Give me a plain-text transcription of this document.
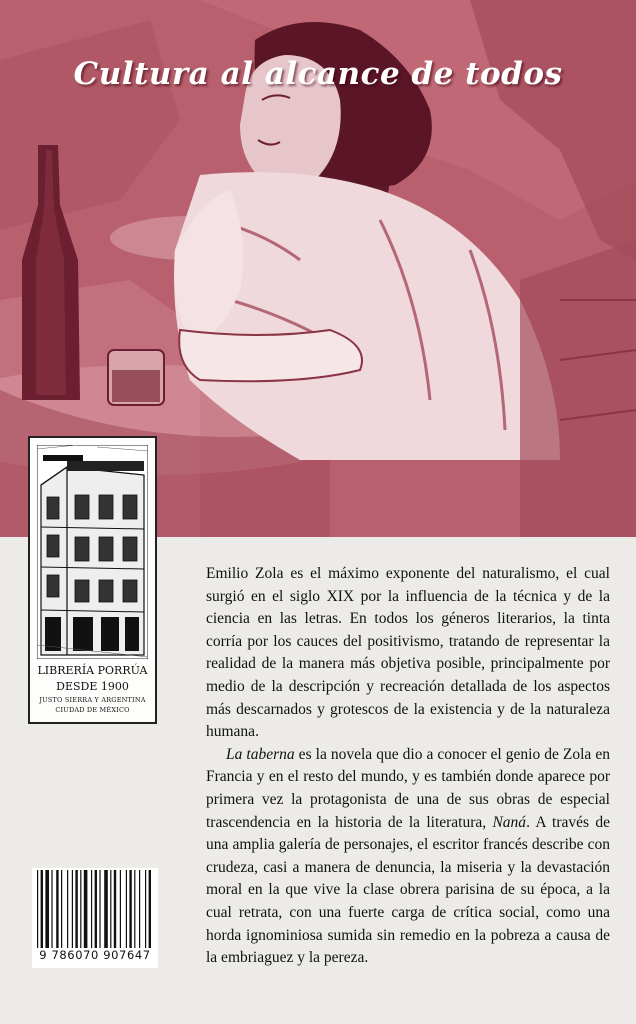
Cultura al alcance de todos
LIBRERÍA PORRÚA
DESDE 1900
JUSTO SIERRA Y ARGENTINA
CIUDAD DE MÉXICO

Emilio Zola es el máximo exponente del naturalismo, el cual surgió en el siglo XIX por la influencia de la técnica y de la ciencia en las letras. En todos los géneros literarios, la tinta corría por los cauces del positivismo, tratando de representar la realidad de la manera más objetiva posible, principalmente por medio de la descripción y recreación detallada de los aspectos más descarnados y grotescos de la existencia y de la naturaleza humana.

La taberna es la novela que dio a conocer el genio de Zola en Francia y en el resto del mundo, y es también donde aparece por primera vez la protagonista de una de sus obras de especial trascendencia en la historia de la literatura, Naná. A través de una amplia galería de personajes, el escritor francés describe con crudeza, casi a manera de denuncia, la miseria y la devastación moral en la que vive la clase obrera parisina de su época, a la cual retrata, con una fuerte carga de crítica social, como una horda ignominiosa sumida sin remedio en la pobreza a causa de la embriaguez y la pereza.

9 786070 907647
